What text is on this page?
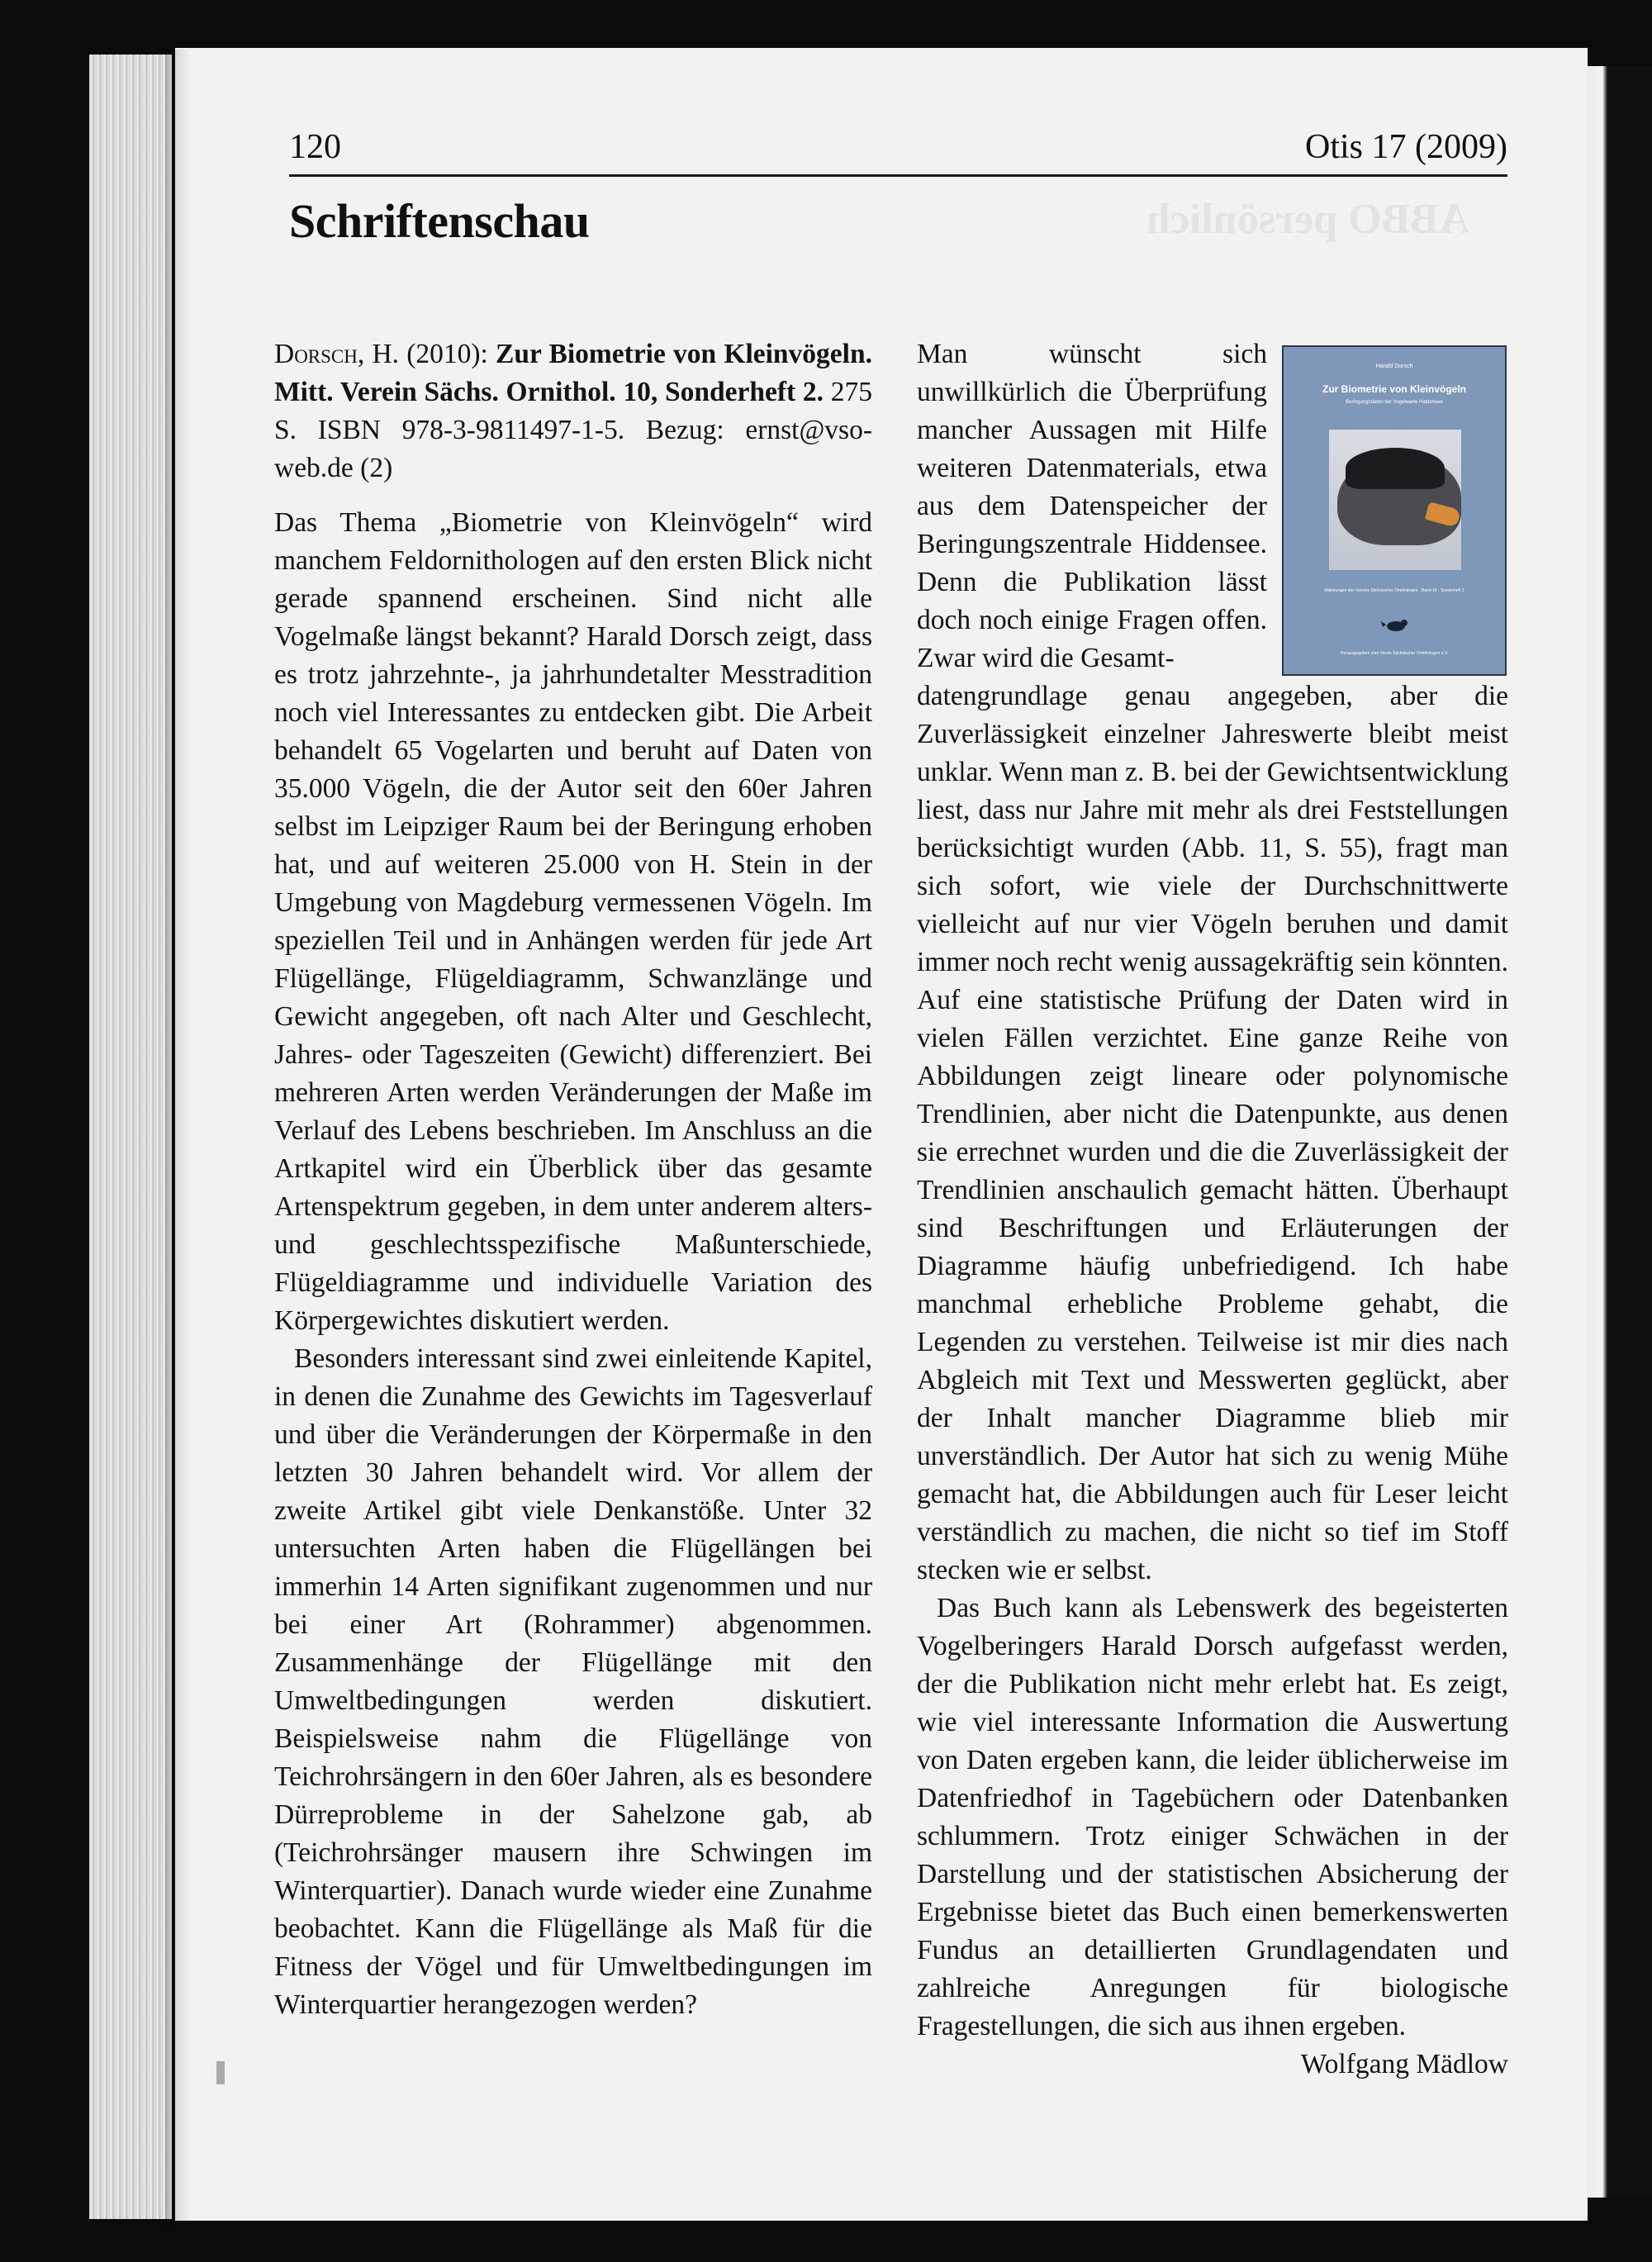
ABBO persönlich
120	Otis 17 (2009)
Schriftenschau

Dorsch, H. (2010): Zur Biometrie von Kleinvögeln. Mitt. Verein Sächs. Ornithol. 10, Sonderheft 2. 275 S. ISBN 978-3-9811497-1-5. Bezug: ernst@vso-web.de (2)

Das Thema „Biometrie von Kleinvögeln“ wird manchem Feldornithologen auf den ersten Blick nicht gerade spannend erscheinen. Sind nicht alle Vogelmaße längst bekannt? Harald Dorsch zeigt, dass es trotz jahrzehnte-, ja jahrhundetalter Messtradition noch viel Interessantes zu entdecken gibt. Die Arbeit behandelt 65 Vogelarten und beruht auf Daten von 35.000 Vögeln, die der Autor seit den 60er Jahren selbst im Leipziger Raum bei der Beringung erhoben hat, und auf weiteren 25.000 von H. Stein in der Umgebung von Magdeburg vermessenen Vögeln. Im speziellen Teil und in Anhängen werden für jede Art Flügellänge, Flügeldiagramm, Schwanzlänge und Gewicht angegeben, oft nach Alter und Geschlecht, Jahres- oder Tageszeiten (Gewicht) differenziert. Bei mehreren Arten werden Veränderungen der Maße im Verlauf des Lebens beschrieben. Im Anschluss an die Artkapitel wird ein Überblick über das gesamte Artenspektrum gegeben, in dem unter anderem alters- und geschlechtsspezifische Maßunterschiede, Flügeldiagramme und individuelle Variation des Körpergewichtes diskutiert werden.

Besonders interessant sind zwei einleitende Kapitel, in denen die Zunahme des Gewichts im Tagesverlauf und über die Veränderungen der Körpermaße in den letzten 30 Jahren behandelt wird. Vor allem der zweite Artikel gibt viele Denkanstöße. Unter 32 untersuchten Arten haben die Flügellängen bei immerhin 14 Arten signifikant zugenommen und nur bei einer Art (Rohrammer) abgenommen. Zusammenhänge der Flügellänge mit den Umweltbedingungen werden diskutiert. Beispielsweise nahm die Flügellänge von Teichrohrsängern in den 60er Jahren, als es besondere Dürreprobleme in der Sahelzone gab, ab (Teichrohrsänger mausern ihre Schwingen im Winterquartier). Danach wurde wieder eine Zunahme beobachtet. Kann die Flügellänge als Maß für die Fitness der Vögel und für Umweltbedingungen im Winterquartier herangezogen werden?

Man wünscht sich unwillkürlich die Überprüfung mancher Aussagen mit Hilfe weiteren Datenmaterials, etwa aus dem Datenspeicher der Beringungszentrale Hiddensee. Denn die Publikation lässt doch noch einige Fragen offen. Zwar wird die Gesamt-

Harald Dorsch
Zur Biometrie von Kleinvögeln
Beringungsdaten der Vogelwarte Hiddensee
Mitteilungen des Vereins Sächsischer Ornithologen · Band 10 · Sonderheft 2
Herausgegeben vom Verein Sächsischer Ornithologen e.V.

datengrundlage genau angegeben, aber die Zuverlässigkeit einzelner Jahreswerte bleibt meist unklar. Wenn man z. B. bei der Gewichtsentwicklung liest, dass nur Jahre mit mehr als drei Feststellungen berücksichtigt wurden (Abb. 11, S. 55), fragt man sich sofort, wie viele der Durchschnittwerte vielleicht auf nur vier Vögeln beruhen und damit immer noch recht wenig aussagekräftig sein könnten. Auf eine statistische Prüfung der Daten wird in vielen Fällen verzichtet. Eine ganze Reihe von Abbildungen zeigt lineare oder polynomische Trendlinien, aber nicht die Datenpunkte, aus denen sie errechnet wurden und die die Zuverlässigkeit der Trendlinien anschaulich gemacht hätten. Überhaupt sind Beschriftungen und Erläuterungen der Diagramme häufig unbefriedigend. Ich habe manchmal erhebliche Probleme gehabt, die Legenden zu verstehen. Teilweise ist mir dies nach Abgleich mit Text und Messwerten geglückt, aber der Inhalt mancher Diagramme blieb mir unverständlich. Der Autor hat sich zu wenig Mühe gemacht hat, die Abbildungen auch für Leser leicht verständlich zu machen, die nicht so tief im Stoff stecken wie er selbst.

Das Buch kann als Lebenswerk des begeisterten Vogelberingers Harald Dorsch aufgefasst werden, der die Publikation nicht mehr erlebt hat. Es zeigt, wie viel interessante Information die Auswertung von Daten ergeben kann, die leider üblicherweise im Datenfriedhof in Tagebüchern oder Datenbanken schlummern. Trotz einiger Schwächen in der Darstellung und der statistischen Absicherung der Ergebnisse bietet das Buch einen bemerkenswerten Fundus an detaillierten Grundlagendaten und zahlreiche Anregungen für biologische Fragestellungen, die sich aus ihnen ergeben.

Wolfgang Mädlow
